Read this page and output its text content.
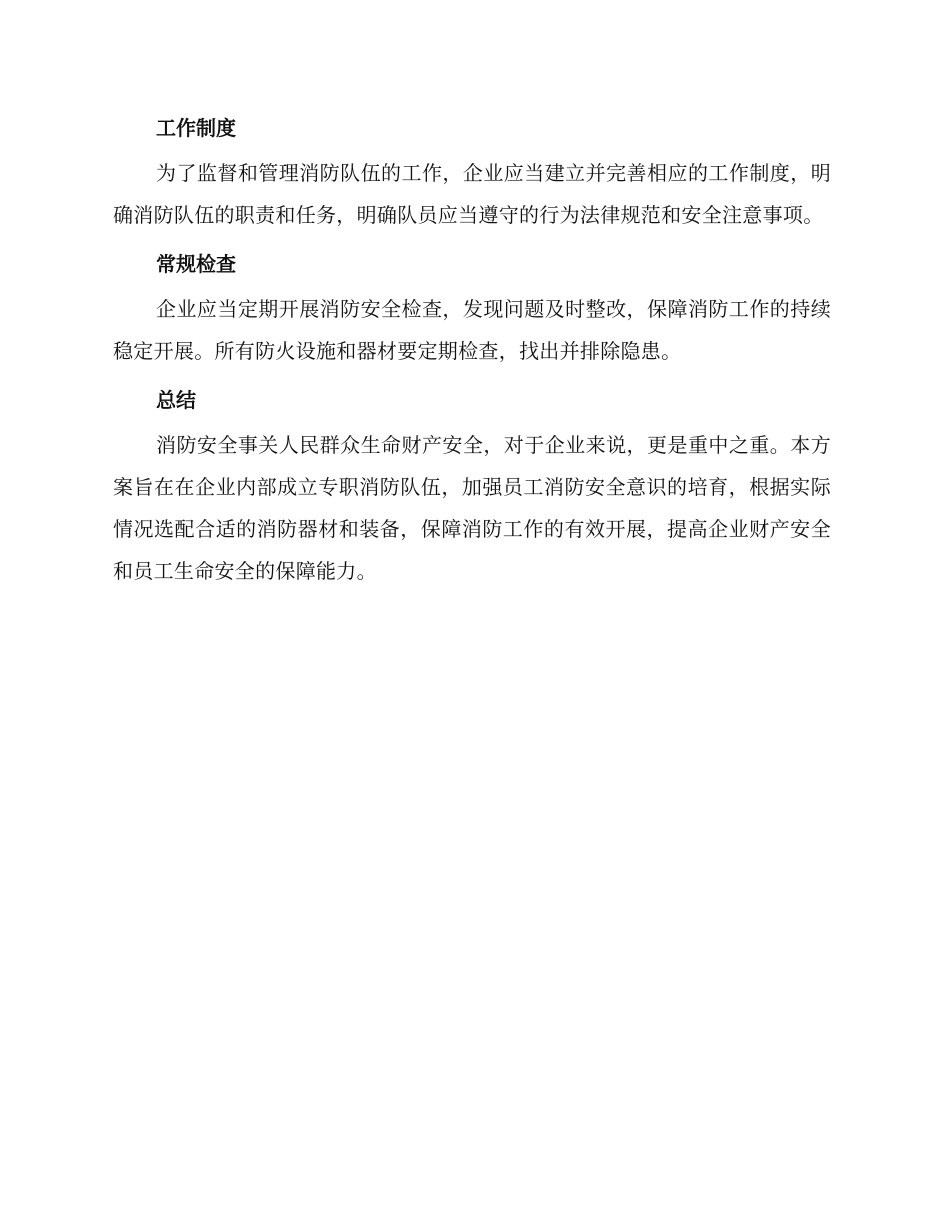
工作制度

为了监督和管理消防队伍的工作，企业应当建立并完善相应的工作制度，明确消防队伍的职责和任务，明确队员应当遵守的行为法律规范和安全注意事项。

常规检查

企业应当定期开展消防安全检查，发现问题及时整改，保障消防工作的持续稳定开展。所有防火设施和器材要定期检查，找出并排除隐患。

总结

消防安全事关人民群众生命财产安全，对于企业来说，更是重中之重。本方案旨在在企业内部成立专职消防队伍，加强员工消防安全意识的培育，根据实际情况选配合适的消防器材和装备，保障消防工作的有效开展，提高企业财产安全和员工生命安全的保障能力。
